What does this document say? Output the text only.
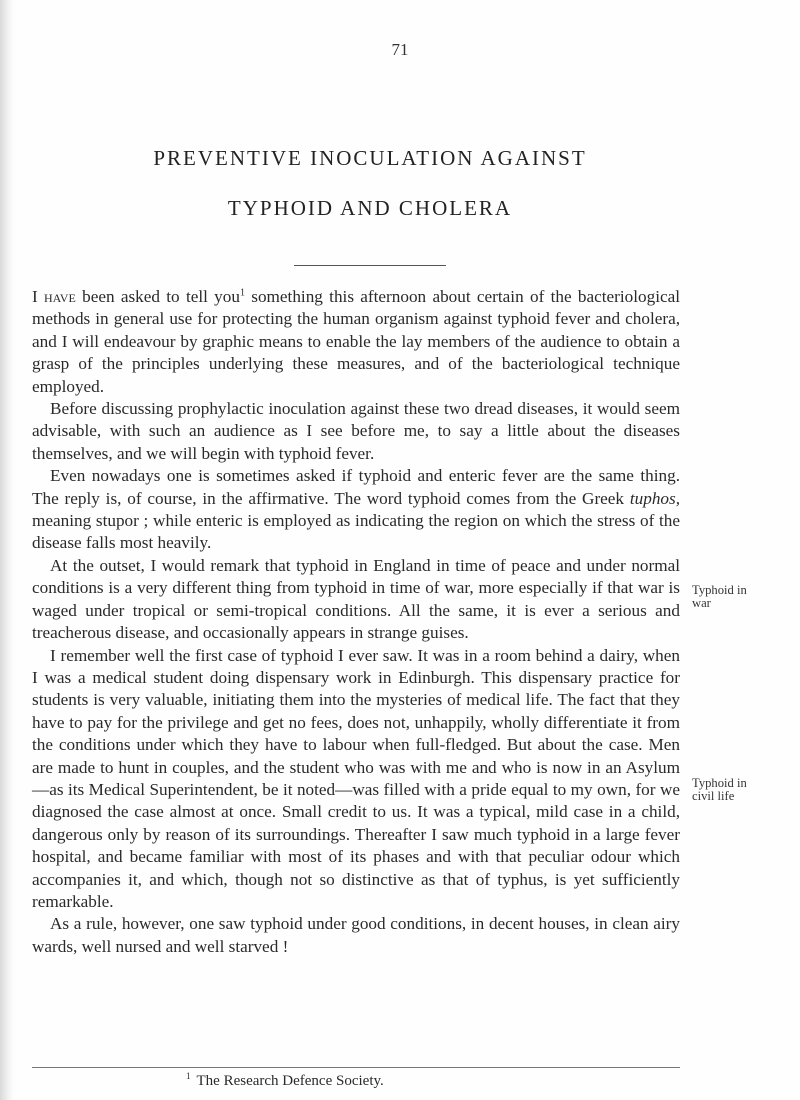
71
PREVENTIVE INOCULATION AGAINST
TYPHOID AND CHOLERA

I have been asked to tell you$^1$ something this afternoon about certain of the bacteriological methods in general use for protecting the human organism against typhoid fever and cholera, and I will endeavour by graphic means to enable the lay members of the audience to obtain a grasp of the principles underlying these measures, and of the bacteriological technique employed.

Before discussing prophylactic inoculation against these two dread diseases, it would seem advisable, with such an audience as I see before me, to say a little about the diseases themselves, and we will begin with typhoid fever.

Even nowadays one is sometimes asked if typhoid and enteric fever are the same thing. The reply is, of course, in the affirmative. The word typhoid comes from the Greek tuphos, meaning stupor ; while enteric is employed as indicating the region on which the stress of the disease falls most heavily.

At the outset, I would remark that typhoid in England in time of peace and under normal conditions is a very different thing from typhoid in time of war, more especially if that war is waged under tropical or semi-tropical conditions. All the same, it is ever a serious and treacherous disease, and occasionally appears in strange guises.

I remember well the first case of typhoid I ever saw. It was in a room behind a dairy, when I was a medical student doing dispensary work in Edinburgh. This dispensary practice for students is very valuable, initiating them into the mysteries of medical life. The fact that they have to pay for the privilege and get no fees, does not, unhappily, wholly differentiate it from the conditions under which they have to labour when full-fledged. But about the case. Men are made to hunt in couples, and the student who was with me and who is now in an Asylum—as its Medical Superintendent, be it noted—was filled with a pride equal to my own, for we diagnosed the case almost at once. Small credit to us. It was a typical, mild case in a child, dangerous only by reason of its surroundings. Thereafter I saw much typhoid in a large fever hospital, and became familiar with most of its phases and with that peculiar odour which accompanies it, and which, though not so distinctive as that of typhus, is yet sufficiently remarkable.

As a rule, however, one saw typhoid under good conditions, in decent houses, in clean airy wards, well nursed and well starved !

Typhoid in war
Typhoid in civil life
$^1$ The Research Defence Society.
